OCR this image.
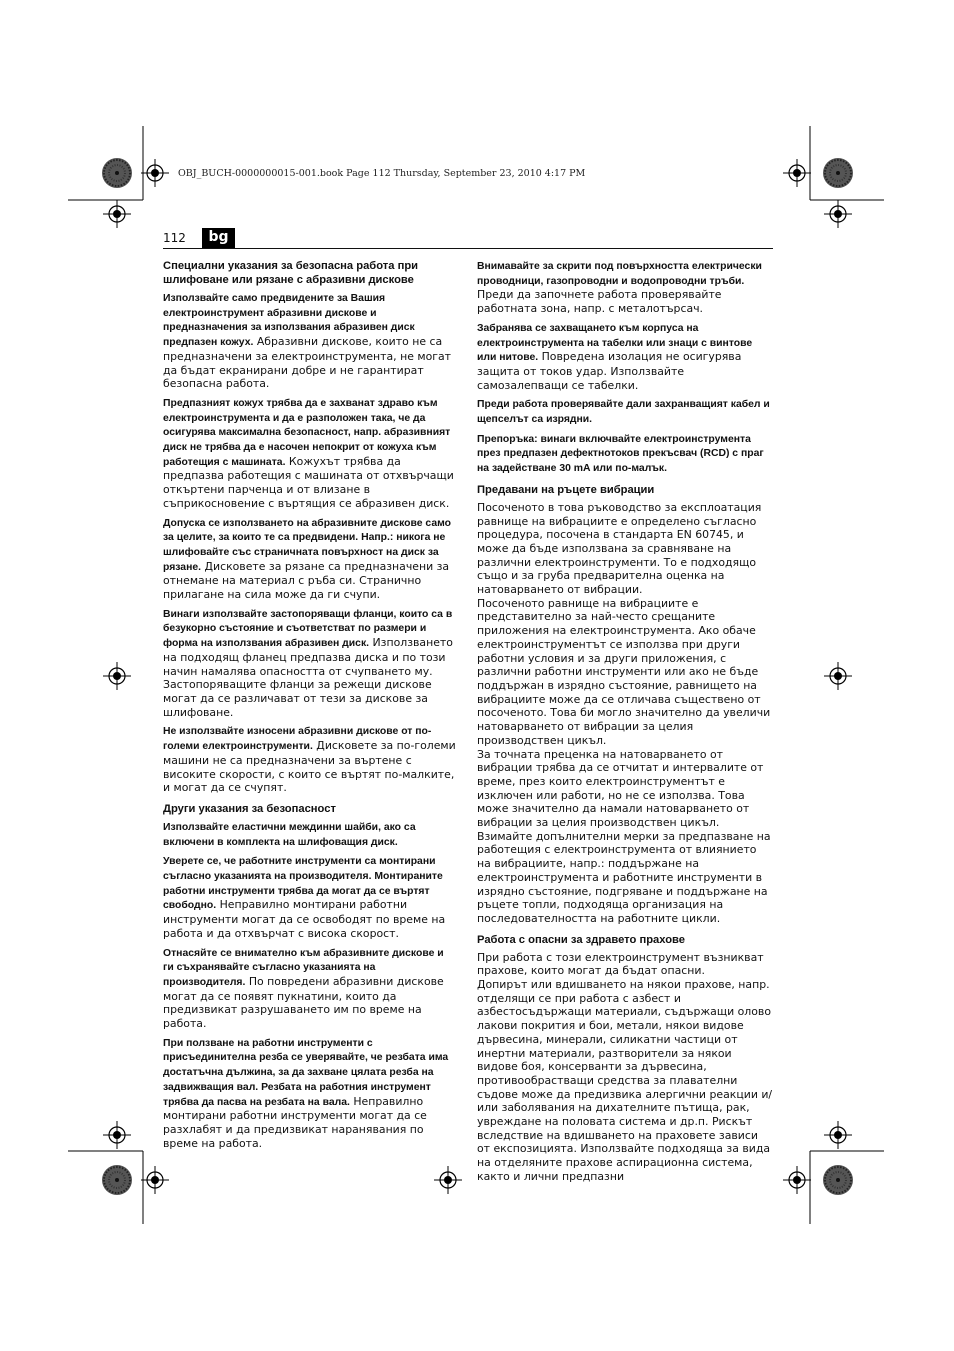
OBJ_BUCH-0000000015-001.book Page 112 Thursday, September 23, 2010 4:17 PM
112	bg
Специални указания за безопасна работа при шлифоване или рязане с абразивни дискове

Използвайте само предвидените за Вашия електроинструмент абразивни дискове и предназначения за използвания абразивен диск предпазен кожух. Абразивни дискове, които не са предназначени за електроинструмента, не могат да бъдат екранирани добре и не гарантират безопасна работа.

Предпазният кожух трябва да е захванат здраво към електроинструмента и да е разположен така, че да осигурява максимална безопасност, напр. абразивният диск не трябва да е насочен непокрит от кожуха към работещия с машината. Кожухът трябва да предпазва работещия с машината от отхвърчащи откъртени парченца и от влизане в съприкосновение с въртящия се абразивен диск.

Допуска се използването на абразивните дискове само за целите, за които те са предвидени. Напр.: никога не шлифовайте със страничната повърхност на диск за рязане. Дисковете за рязане са предназначени за отнемане на материал с ръба си. Странично прилагане на сила може да ги счупи.

Винаги използвайте застопоряващи фланци, които са в безукорно състояние и съответстват по размери и форма на използвания абразивен диск. Използването на подходящ фланец предпазва диска и по този начин намалява опасността от счупването му. Застопоряващите фланци за режещи дискове могат да се различават от тези за дискове за шлифоване.

Не използвайте износени абразивни дискове от по-големи електроинструменти. Дисковете за по-големи машини не са предназначени за въртене с високите скорости, с които се въртят по-малките, и могат да се счупят.

Други указания за безопасност

Използвайте еластични междинни шайби, ако са включени в комплекта на шлифоващия диск.

Уверете се, че работните инструменти са монтирани съгласно указанията на производителя. Монтираните работни инструменти трябва да могат да се въртят свободно. Неправилно монтирани работни инструменти могат да се освободят по време на работа и да отхвърчат с висока скорост.

Отнасяйте се внимателно към абразивните дискове и ги съхранявайте съгласно указанията на производителя. По повредени абразивни дискове могат да се появят пукнатини, които да предизвикат разрушаването им по време на работа.

При ползване на работни инструменти с присъединителна резба се уверявайте, че резбата има достатъчна дължина, за да захване цялата резба на задвижващия вал. Резбата на работния инструмент трябва да пасва на резбата на вала. Неправилно монтирани работни инструменти могат да се разхлабят и да предизвикат наранявания по време на работа.

Внимавайте за скрити под повърхността електрически проводници, газопроводни и водопроводни тръби. Преди да започнете работа проверявайте работната зона, напр. с металотърсач.

Забранява се захващането към корпуса на електроинструмента на табелки или знаци с винтове или нитове. Повредена изолация не осигурява защита от токов удар. Използвайте самозалепващи се табелки.

Преди работа проверявайте дали захранващият кабел и щепселът са изрядни.

Препоръка: винаги включвайте електроинструмента през предпазен дефектнотоков прекъсвач (RCD) с праг на задействане 30 mA или по-малък.

Предавани на ръцете вибрации

Посоченото в това ръководство за експлоатация равнище на вибрациите е определено съгласно процедура, посочена в стандарта EN 60745, и може да бъде използвана за сравняване на различни електроинструменти. То е подходящо също и за груба предварителна оценка на натоварването от вибрации.

Посоченото равнище на вибрациите е представително за най-често срещаните приложения на електроинструмента. Ако обаче електроинструментът се използва при други работни условия и за други приложения, с различни работни инструменти или ако не бъде поддържан в изрядно състояние, равнището на вибрациите може да се отличава съществено от посоченото. Това би могло значително да увеличи натоварването от вибрации за целия производствен цикъл.

За точната преценка на натоварването от вибрации трябва да се отчитат и интервалите от време, през които електроинструментът е изключен или работи, но не се използва. Това може значително да намали натоварването от вибрации за целия производствен цикъл.

Взимайте допълнителни мерки за предпазване на работещия с електроинструмента от влиянието на вибрациите, напр.: поддържане на електроинструмента и работните инструменти в изрядно състояние, подгряване и поддържане на ръцете топли, подходяща организация на последователността на работните цикли.

Работа с опасни за здравето прахове

При работа с този електроинструмент възникват прахове, които могат да бъдат опасни.

Допирът или вдишването на някои прахове, напр. отделящи се при работа с азбест и азбестосъдържащи материали, съдържащи олово лакови покрития и бои, метали, някои видове дървесина, минерали, силикатни частици от инертни материали, разтворители за някои видове боя, консерванти за дървесина, противообрастващи средства за плавателни съдове може да предизвика алергични реакции и/или заболявания на дихателните пътища, рак, увреждане на половата система и др.п. Рискът вследствие на вдишването на праховете зависи от експозицията. Използвайте подходяща за вида на отделяните прахове аспирационна система, както и лични предпазни
